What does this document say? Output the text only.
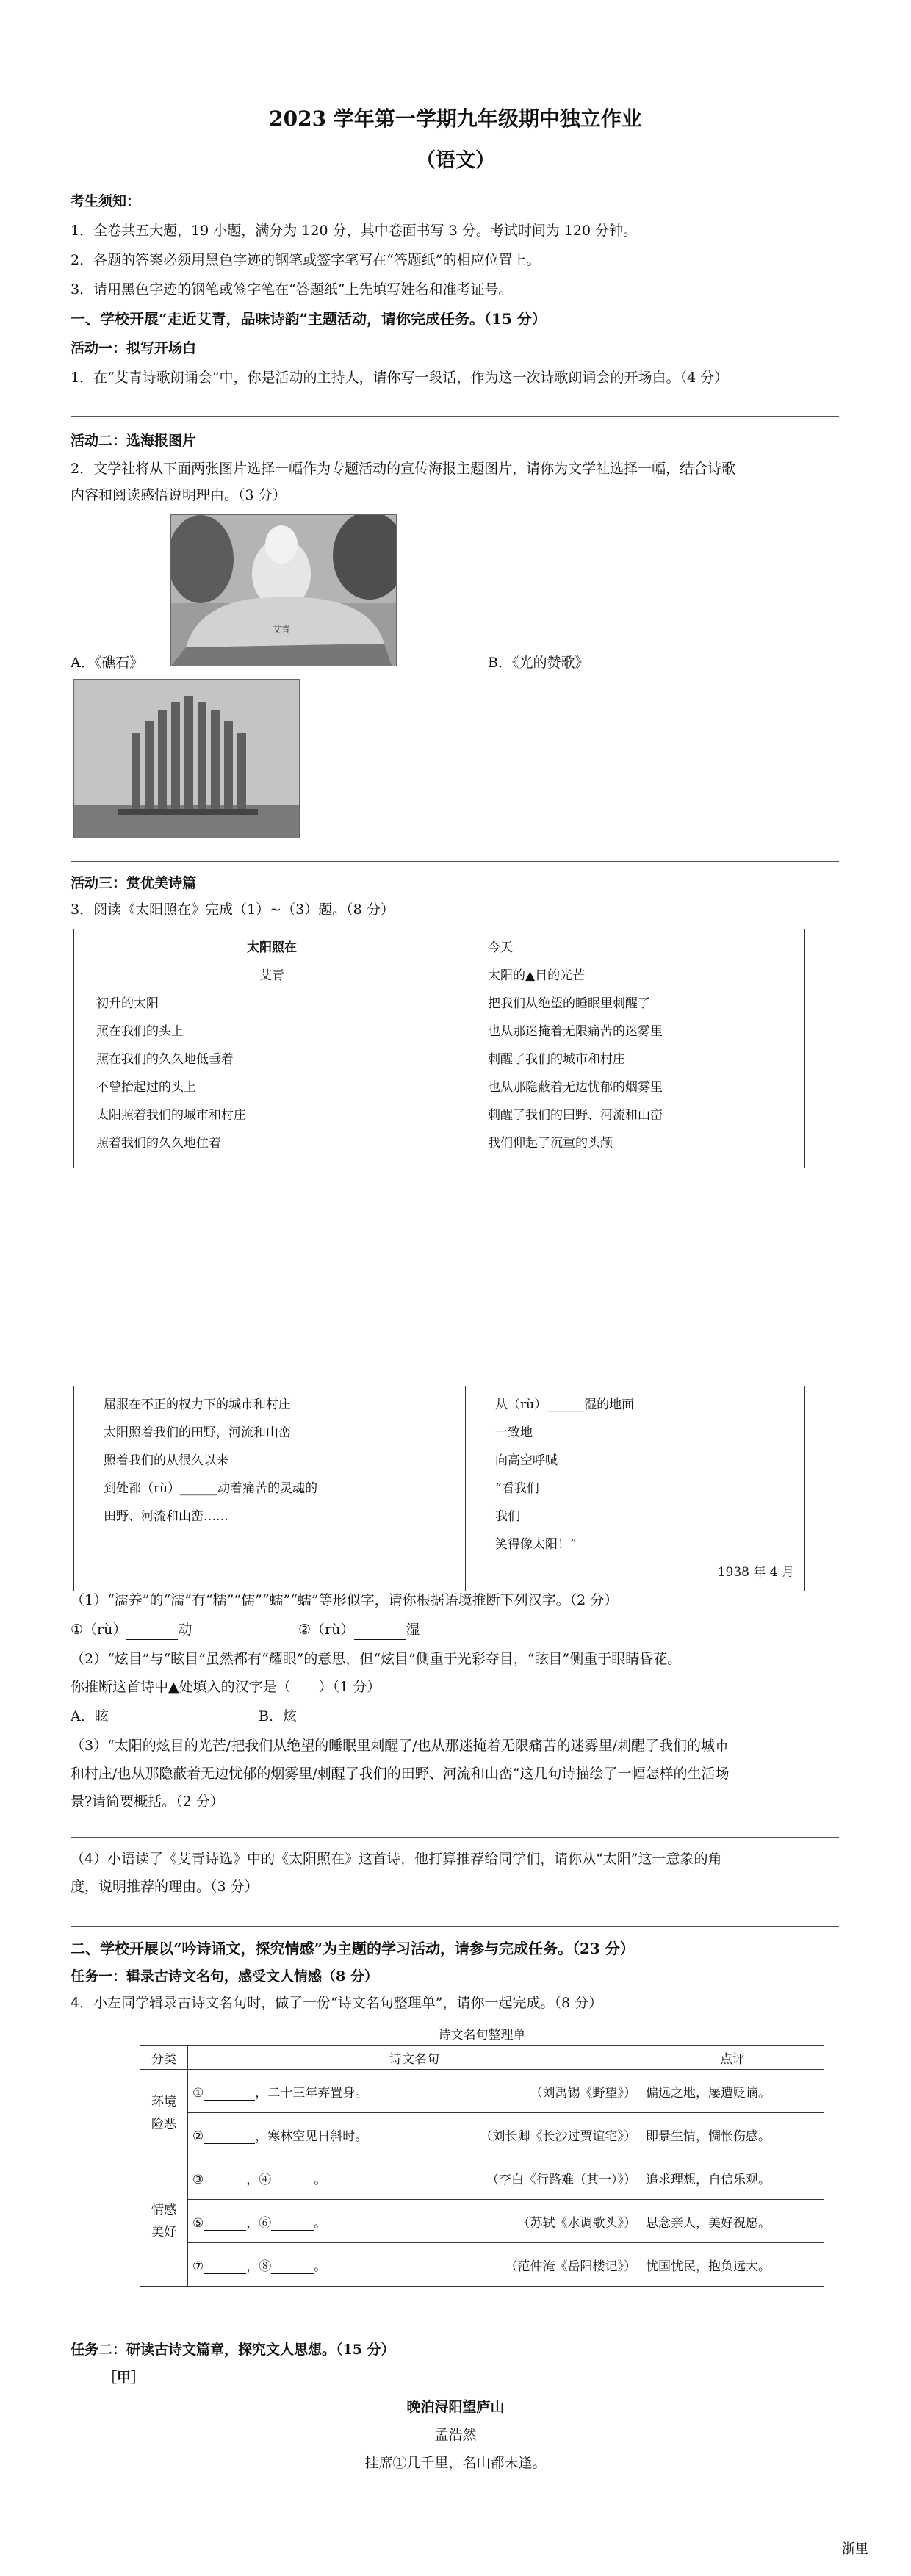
2023 学年第一学期九年级期中独立作业
（语文）
考生须知：
1．全卷共五大题，19 小题，满分为 120 分，其中卷面书写 3 分。考试时间为 120 分钟。
2．各题的答案必须用黑色字迹的钢笔或签字笔写在“答题纸”的相应位置上。
3．请用黑色字迹的钢笔或签字笔在“答题纸”上先填写姓名和准考证号。
一、学校开展“走近艾青，品味诗韵”主题活动，请你完成任务。（15 分）
活动一：拟写开场白
1．在“艾青诗歌朗诵会”中，你是活动的主持人，请你写一段话，作为这一次诗歌朗诵会的开场白。（4 分）
活动二：选海报图片
2．文学社将从下面两张图片选择一幅作为专题活动的宣传海报主题图片，请你为文学社选择一幅，结合诗歌
内容和阅读感悟说明理由。（3 分）
艾青
A．《礁石》	B．《光的赞歌》
活动三：赏优美诗篇
3．阅读《太阳照在》完成（1）~（3）题。（8 分）
太阳照在
艾青
初升的太阳
照在我们的头上
照在我们的久久地低垂着
不曾抬起过的头上
太阳照着我们的城市和村庄
照着我们的久久地住着

今天
太阳的▲目的光芒
把我们从绝望的睡眠里刺醒了
也从那迷掩着无限痛苦的迷雾里
刺醒了我们的城市和村庄
也从那隐蔽着无边忧郁的烟雾里
刺醒了我们的田野、河流和山峦
我们仰起了沉重的头颅
屈服在不正的权力下的城市和村庄
太阳照着我们的田野，河流和山峦
照着我们的从很久以来
到处都（rù）______动着痛苦的灵魂的
田野、河流和山峦……

从（rù）______湿的地面
一致地
向高空呼喊
“看我们
我们
笑得像太阳！”
1938 年 4 月
（1）“濡养”的“濡”有“糯”“儒”“蠕”“蠕”等形似字，请你根据语境推断下列汉字。（2 分）
①（rù）	动	②（rù）	湿
（2）“炫目”与“眩目”虽然都有“耀眼”的意思，但“炫目”侧重于光彩夺目，“眩目”侧重于眼睛昏花。
你推断这首诗中▲处填入的汉字是（　　）（1 分）
A．眩	B．炫
（3）“太阳的炫目的光芒/把我们从绝望的睡眠里刺醒了/也从那迷掩着无限痛苦的迷雾里/刺醒了我们的城市
和村庄/也从那隐蔽着无边忧郁的烟雾里/刺醒了我们的田野、河流和山峦”这几句诗描绘了一幅怎样的生活场
景?请简要概括。（2 分）
（4）小语读了《艾青诗选》中的《太阳照在》这首诗，他打算推荐给同学们，请你从“太阳”这一意象的角
度，说明推荐的理由。（3 分）
二、学校开展以“吟诗诵文，探究情感”为主题的学习活动，请参与完成任务。（23 分）
任务一：辑录古诗文名句，感受文人情感（8 分）
4．小左同学辑录古诗文名句时，做了一份“诗文名句整理单”，请你一起完成。（8 分）
诗文名句整理单		
分类	诗文名句	点评
环境险恶	① ，二十三年弃置身。 （刘禹锡《野望》）	偏远之地，屡遭贬谪。
	② ，寒林空见日斜时。 （刘长卿《长沙过贾谊宅》）	即景生情，惆怅伤感。
情感美好	③ ，④ 。 （李白《行路难（其一）》）	追求理想，自信乐观。
	⑤ ，⑥ 。 （苏轼《水调歌头》）	思念亲人，美好祝愿。
	⑦ ，⑧ 。 （范仲淹《岳阳楼记》）	忧国忧民，抱负远大。
任务二：研读古诗文篇章，探究文人思想。（15 分）
［甲］
晚泊浔阳望庐山
孟浩然
挂席①几千里，名山都未逢。
浙里
